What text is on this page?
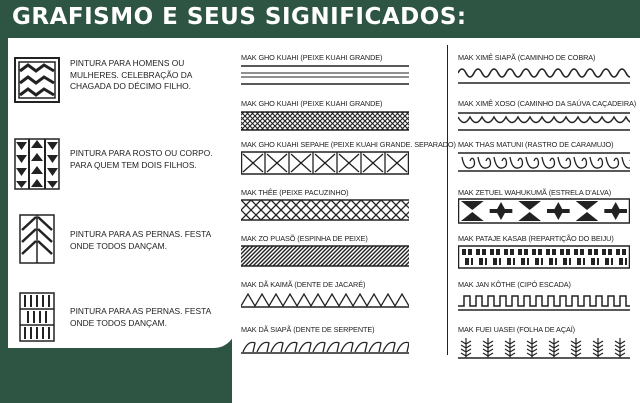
GRAFISMO E SEUS SIGNIFICADOS:
PINTURA PARA HOMENS OU MULHERES. CELEBRAÇÃO DA CHAGADA DO DÉCIMO FILHO.
PINTURA PARA ROSTO OU CORPO. PARA QUEM TEM DOIS FILHOS.
PINTURA PARA AS PERNAS. FESTA ONDE TODOS DANÇAM.
PINTURA PARA AS PERNAS. FESTA ONDE TODOS DANÇAM.
MAK GHO KUAHI (PEIXE KUAHI GRANDE)
MAK GHO KUAHI (PEIXE KUAHI GRANDE)
MAK GHO KUAHI SEPAHE (PEIXE KUAHI GRANDE. SEPARADO)
MAK THÊE (PEIXE PACUZINHO)
MAK ZO PUASÕ (ESPINHA DE PEIXE)
MAK DÃ KAIMÃ (DENTE DE JACARÉ)
MAK DÃ SIAPÃ (DENTE DE SERPENTE)
MAK XIMÊ SIAPÃ (CAMINHO DE COBRA)
MAK XIMÊ XOSO (CAMINHO DA SAÚVA CAÇADEIRA)
MAK THAS MATUNI (RASTRO DE CARAMUJO)
MAK ZETUEL WAHUKUMÃ (ESTRELA D'ALVA)
MAK PATAJE KASAB (REPARTIÇÃO DO BEIJU)
MAK JAN KÔTHE (CIPÓ ESCADA)
MAK FUEI UASEI (FOLHA DE AÇAÍ)
